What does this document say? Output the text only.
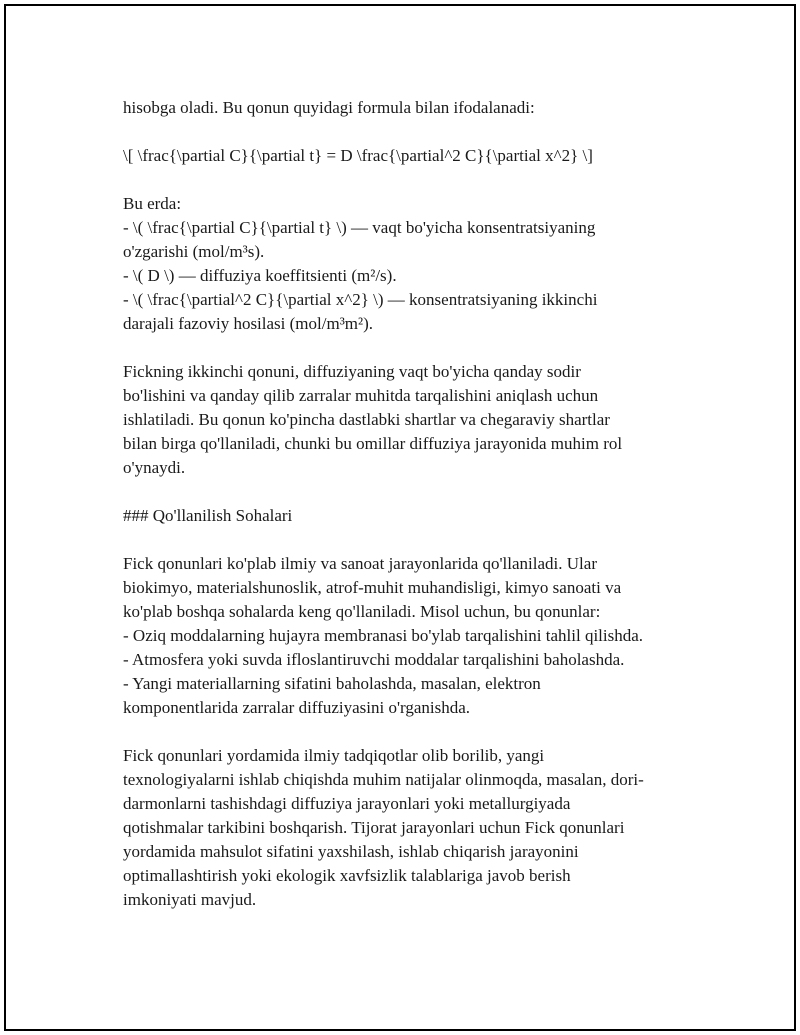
hisobga oladi. Bu qonun quyidagi formula bilan ifodalanadi:
\[ \frac{\partial C}{\partial t} = D \frac{\partial^2 C}{\partial x^2} \]
Bu erda:
- \( \frac{\partial C}{\partial t} \) — vaqt bo'yicha konsentratsiyaning
o'zgarishi (mol/m³s).
- \( D \) — diffuziya koeffitsienti (m²/s).
- \( \frac{\partial^2 C}{\partial x^2} \) — konsentratsiyaning ikkinchi
darajali fazoviy hosilasi (mol/m³m²).
Fickning ikkinchi qonuni, diffuziyaning vaqt bo'yicha qanday sodir
bo'lishini va qanday qilib zarralar muhitda tarqalishini aniqlash uchun
ishlatiladi. Bu qonun ko'pincha dastlabki shartlar va chegaraviy shartlar
bilan birga qo'llaniladi, chunki bu omillar diffuziya jarayonida muhim rol
o'ynaydi.
### Qo'llanilish Sohalari
Fick qonunlari ko'plab ilmiy va sanoat jarayonlarida qo'llaniladi. Ular
biokimyo, materialshunoslik, atrof-muhit muhandisligi, kimyo sanoati va
ko'plab boshqa sohalarda keng qo'llaniladi. Misol uchun, bu qonunlar:
- Oziq moddalarning hujayra membranasi bo'ylab tarqalishini tahlil qilishda.
- Atmosfera yoki suvda ifloslantiruvchi moddalar tarqalishini baholashda.
- Yangi materiallarning sifatini baholashda, masalan, elektron
komponentlarida zarralar diffuziyasini o'rganishda.
Fick qonunlari yordamida ilmiy tadqiqotlar olib borilib, yangi
texnologiyalarni ishlab chiqishda muhim natijalar olinmoqda, masalan, dori-
darmonlarni tashishdagi diffuziya jarayonlari yoki metallurgiyada
qotishmalar tarkibini boshqarish. Tijorat jarayonlari uchun Fick qonunlari
yordamida mahsulot sifatini yaxshilash, ishlab chiqarish jarayonini
optimallashtirish yoki ekologik xavfsizlik talablariga javob berish
imkoniyati mavjud.
